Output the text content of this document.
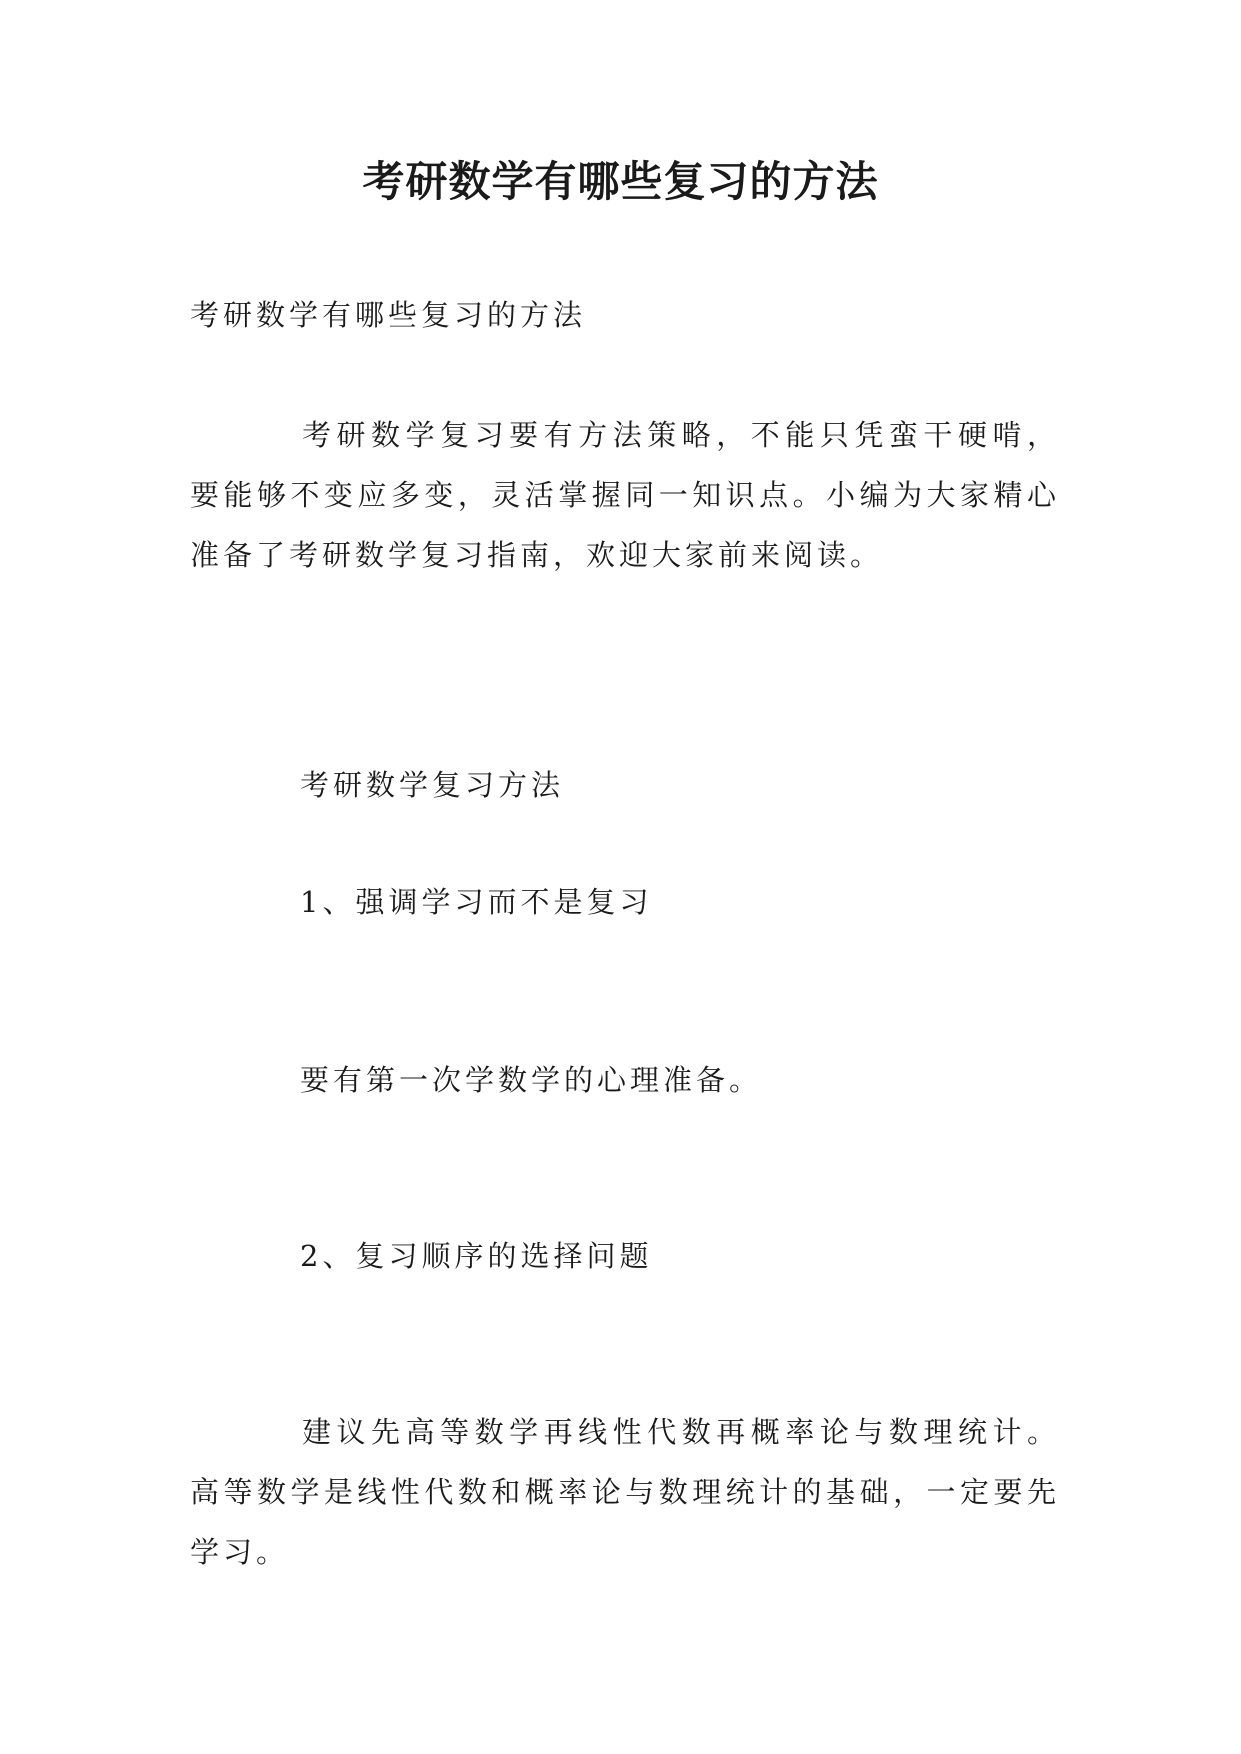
考研数学有哪些复习的方法
考研数学有哪些复习的方法
考研数学复习要有方法策略，不能只凭蛮干硬啃，要能够不变应多变，灵活掌握同一知识点。小编为大家精心准备了考研数学复习指南，欢迎大家前来阅读。
考研数学复习方法
1、强调学习而不是复习
要有第一次学数学的心理准备。
2、复习顺序的选择问题
建议先高等数学再线性代数再概率论与数理统计。高等数学是线性代数和概率论与数理统计的基础，一定要先学习。
